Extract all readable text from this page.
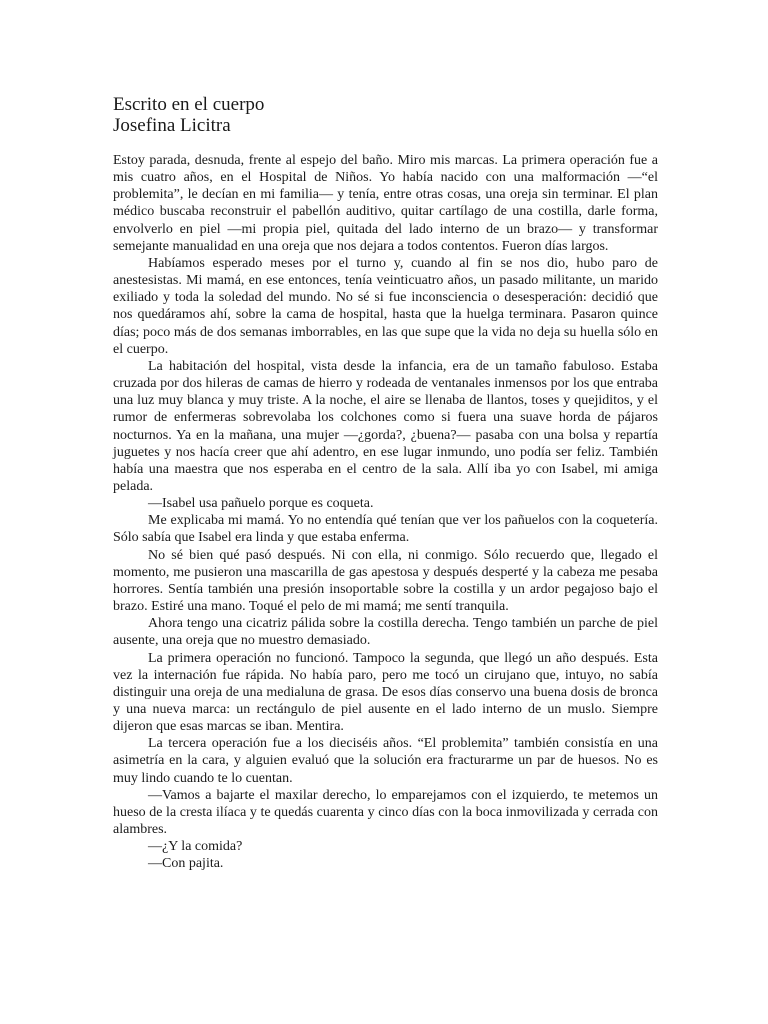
Escrito en el cuerpo
Josefina Licitra

Estoy parada, desnuda, frente al espejo del baño. Miro mis marcas. La primera operación fue a mis cuatro años, en el Hospital de Niños. Yo había nacido con una malformación —“el problemita”, le decían en mi familia— y tenía, entre otras cosas, una oreja sin terminar. El plan médico buscaba reconstruir el pabellón auditivo, quitar cartílago de una costilla, darle forma, envolverlo en piel —mi propia piel, quitada del lado interno de un brazo— y transformar semejante manualidad en una oreja que nos dejara a todos contentos. Fueron días largos.

Habíamos esperado meses por el turno y, cuando al fin se nos dio, hubo paro de anestesistas. Mi mamá, en ese entonces, tenía veinticuatro años, un pasado militante, un marido exiliado y toda la soledad del mundo. No sé si fue inconsciencia o desesperación: decidió que nos quedáramos ahí, sobre la cama de hospital, hasta que la huelga terminara. Pasaron quince días; poco más de dos semanas imborrables, en las que supe que la vida no deja su huella sólo en el cuerpo.

La habitación del hospital, vista desde la infancia, era de un tamaño fabuloso. Estaba cruzada por dos hileras de camas de hierro y rodeada de ventanales inmensos por los que entraba una luz muy blanca y muy triste. A la noche, el aire se llenaba de llantos, toses y quejiditos, y el rumor de enfermeras sobrevolaba los colchones como si fuera una suave horda de pájaros nocturnos. Ya en la mañana, una mujer —¿gorda?, ¿buena?— pasaba con una bolsa y repartía juguetes y nos hacía creer que ahí adentro, en ese lugar inmundo, uno podía ser feliz. También había una maestra que nos esperaba en el centro de la sala. Allí iba yo con Isabel, mi amiga pelada.

—Isabel usa pañuelo porque es coqueta.

Me explicaba mi mamá. Yo no entendía qué tenían que ver los pañuelos con la coquetería. Sólo sabía que Isabel era linda y que estaba enferma.

No sé bien qué pasó después. Ni con ella, ni conmigo. Sólo recuerdo que, llegado el momento, me pusieron una mascarilla de gas apestosa y después desperté y la cabeza me pesaba horrores. Sentía también una presión insoportable sobre la costilla y un ardor pegajoso bajo el brazo. Estiré una mano. Toqué el pelo de mi mamá; me sentí tranquila.

Ahora tengo una cicatriz pálida sobre la costilla derecha. Tengo también un parche de piel ausente, una oreja que no muestro demasiado.

La primera operación no funcionó. Tampoco la segunda, que llegó un año después. Esta vez la internación fue rápida. No había paro, pero me tocó un cirujano que, intuyo, no sabía distinguir una oreja de una medialuna de grasa. De esos días conservo una buena dosis de bronca y una nueva marca: un rectángulo de piel ausente en el lado interno de un muslo. Siempre dijeron que esas marcas se iban. Mentira.

La tercera operación fue a los dieciséis años. “El problemita” también consistía en una asimetría en la cara, y alguien evaluó que la solución era fracturarme un par de huesos. No es muy lindo cuando te lo cuentan.

—Vamos a bajarte el maxilar derecho, lo emparejamos con el izquierdo, te metemos un hueso de la cresta ilíaca y te quedás cuarenta y cinco días con la boca inmovilizada y cerrada con alambres.

—¿Y la comida?

—Con pajita.
